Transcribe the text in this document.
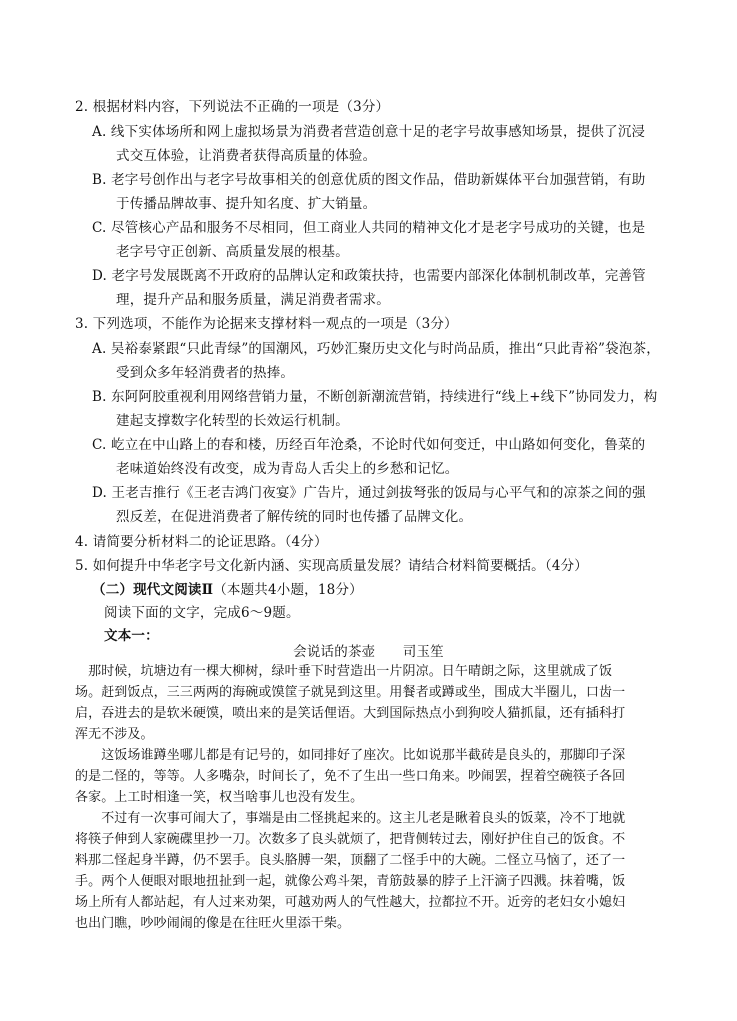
2. 根据材料内容，下列说法不正确的一项是（3分）
A. 线下实体场所和网上虚拟场景为消费者营造创意十足的老字号故事感知场景，提供了沉浸
式交互体验，让消费者获得高质量的体验。
B. 老字号创作出与老字号故事相关的创意优质的图文作品，借助新媒体平台加强营销，有助
于传播品牌故事、提升知名度、扩大销量。
C. 尽管核心产品和服务不尽相同，但工商业人共同的精神文化才是老字号成功的关键，也是
老字号守正创新、高质量发展的根基。
D. 老字号发展既离不开政府的品牌认定和政策扶持，也需要内部深化体制机制改革，完善管
理，提升产品和服务质量，满足消费者需求。
3. 下列选项，不能作为论据来支撑材料一观点的一项是（3分）
A. 吴裕泰紧跟“只此青绿”的国潮风，巧妙汇聚历史文化与时尚品质，推出“只此青裕”袋泡茶，
受到众多年轻消费者的热捧。
B. 东阿阿胶重视利用网络营销力量，不断创新潮流营销，持续进行“线上+线下”协同发力，构
建起支撑数字化转型的长效运行机制。
C. 屹立在中山路上的春和楼，历经百年沧桑，不论时代如何变迁，中山路如何变化，鲁菜的
老味道始终没有改变，成为青岛人舌尖上的乡愁和记忆。
D. 王老吉推行《王老吉鸿门夜宴》广告片，通过剑拔弩张的饭局与心平气和的凉茶之间的强
烈反差，在促进消费者了解传统的同时也传播了品牌文化。
4. 请简要分析材料二的论证思路。（4分）
5. 如何提升中华老字号文化新内涵、实现高质量发展？请结合材料简要概括。（4分）
（二）现代文阅读Ⅱ（本题共4小题，18分）
阅读下面的文字，完成6～9题。
文本一：
会说话的茶壶　　司玉笙
　那时候，坑塘边有一棵大柳树，绿叶垂下时营造出一片阴凉。日午晴朗之际，这里就成了饭
场。赶到饭点，三三两两的海碗或馍筐子就晃到这里。用餐者或蹲或坐，围成大半圈儿，口齿一
启，吞进去的是软米硬馍，喷出来的是笑话俚语。大到国际热点小到狗咬人猫抓鼠，还有插科打
浑无不涉及。
　　这饭场谁蹲坐哪儿都是有记号的，如同排好了座次。比如说那半截砖是良头的，那脚印子深
的是二怪的，等等。人多嘴杂，时间长了，免不了生出一些口角来。吵闹罢，捏着空碗筷子各回
各家。上工时相逢一笑，权当啥事儿也没有发生。
　　不过有一次事可闹大了，事端是由二怪挑起来的。这主儿老是瞅着良头的饭菜，冷不丁地就
将筷子伸到人家碗碟里抄一刀。次数多了良头就烦了，把背侧转过去，刚好护住自己的饭食。不
料那二怪起身半蹲，仍不罢手。良头胳膊一架，顶翻了二怪手中的大碗。二怪立马恼了，还了一
手。两个人便眼对眼地扭扯到一起，就像公鸡斗架，青筋鼓暴的脖子上汗滴子四溅。抹着嘴，饭
场上所有人都站起，有人过来劝架，可越劝两人的气性越大，拉都拉不开。近旁的老妇女小媳妇
也出门瞧，吵吵闹闹的像是在往旺火里添干柴。
